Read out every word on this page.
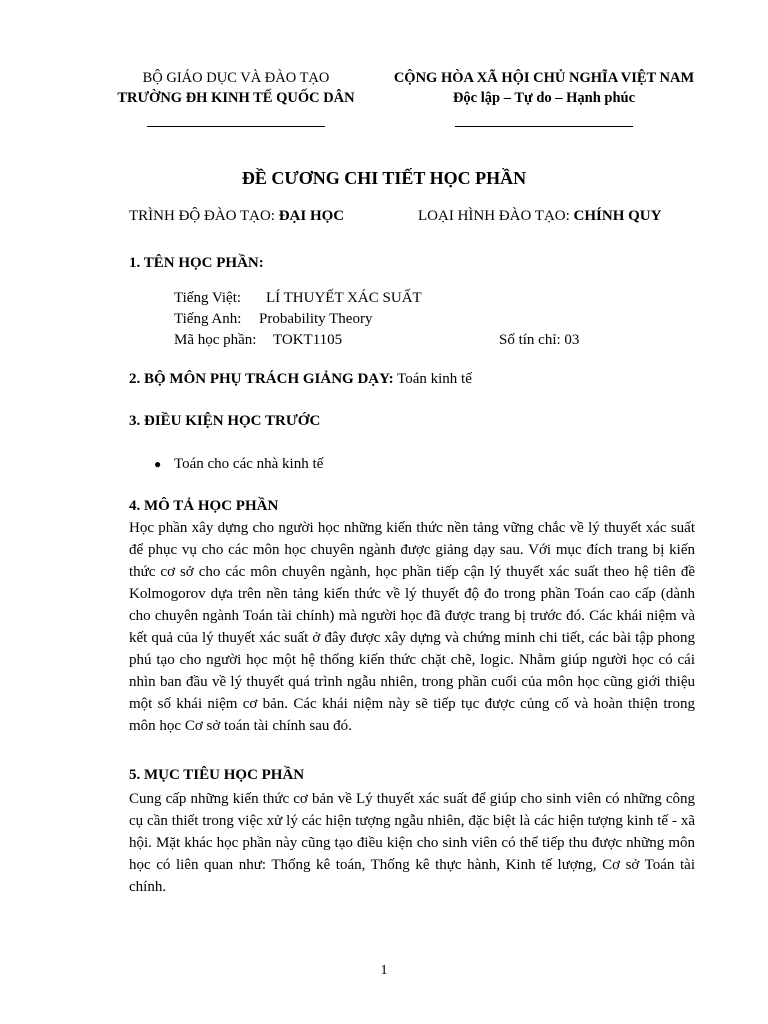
BỘ GIÁO DỤC VÀ ĐÀO TẠO
TRƯỜNG ĐH KINH TẾ QUỐC DÂN
CỘNG HÒA XÃ HỘI CHỦ NGHĨA VIỆT NAM
Độc lập – Tự do – Hạnh phúc
ĐỀ CƯƠNG CHI TIẾT HỌC PHẦN
TRÌNH ĐỘ ĐÀO TẠO: ĐẠI HỌC	LOẠI HÌNH ĐÀO TẠO: CHÍNH QUY
1. TÊN HỌC PHẦN:
Tiếng Việt: LÍ THUYẾT XÁC SUẤT
Tiếng Anh: Probability Theory
Mã học phần: TOKT1105	Số tín chỉ: 03
2. BỘ MÔN PHỤ TRÁCH GIẢNG DẠY: Toán kinh tế
3. ĐIỀU KIỆN HỌC TRƯỚC
● Toán cho các nhà kinh tế
4. MÔ TẢ HỌC PHẦN
Học phần xây dựng cho người học những kiến thức nền tảng vững chắc về lý thuyết xác suất để phục vụ cho các môn học chuyên ngành được giảng dạy sau. Với mục đích trang bị kiến thức cơ sở cho các môn chuyên ngành, học phần tiếp cận lý thuyết xác suất theo hệ tiên đề Kolmogorov dựa trên nền tảng kiến thức về lý thuyết độ đo trong phần Toán cao cấp (dành cho chuyên ngành Toán tài chính) mà người học đã được trang bị trước đó. Các khái niệm và kết quả của lý thuyết xác suất ở đây được xây dựng và chứng minh chi tiết, các bài tập phong phú tạo cho người học một hệ thống kiến thức chặt chẽ, logic. Nhằm giúp người học có cái nhìn ban đầu về lý thuyết quá trình ngẫu nhiên, trong phần cuối của môn học cũng giới thiệu một số khái niệm cơ bản. Các khái niệm này sẽ tiếp tục được củng cố và hoàn thiện trong môn học Cơ sở toán tài chính sau đó.
5. MỤC TIÊU HỌC PHẦN
Cung cấp những kiến thức cơ bản về Lý thuyết xác suất để giúp cho sinh viên có những công cụ cần thiết trong việc xử lý các hiện tượng ngẫu nhiên, đặc biệt là các hiện tượng kinh tế - xã hội. Mặt khác học phần này cũng tạo điều kiện cho sinh viên có thể tiếp thu được những môn học có liên quan như: Thống kê toán, Thống kê thực hành, Kinh tế lượng, Cơ sở Toán tài chính.
1
